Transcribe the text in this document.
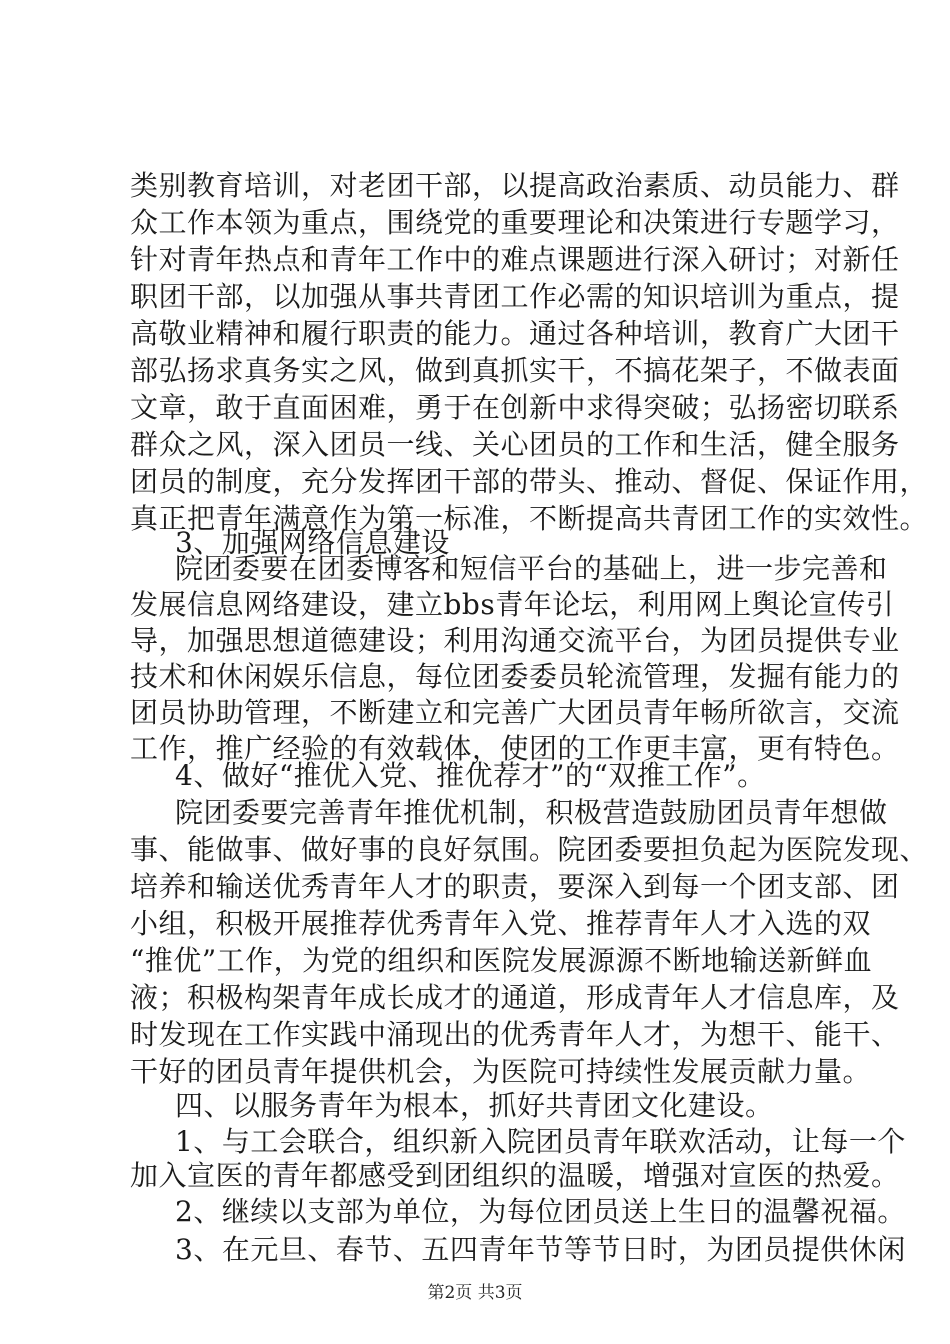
类别教育培训，对老团干部，以提高政治素质、动员能力、群
众工作本领为重点，围绕党的重要理论和决策进行专题学习，
针对青年热点和青年工作中的难点课题进行深入研讨；对新任
职团干部，以加强从事共青团工作必需的知识培训为重点，提
高敬业精神和履行职责的能力。通过各种培训，教育广大团干
部弘扬求真务实之风，做到真抓实干，不搞花架子，不做表面
文章，敢于直面困难，勇于在创新中求得突破；弘扬密切联系
群众之风，深入团员一线、关心团员的工作和生活，健全服务
团员的制度，充分发挥团干部的带头、推动、督促、保证作用，
真正把青年满意作为第一标准，不断提高共青团工作的实效性。
3、加强网络信息建设
院团委要在团委博客和短信平台的基础上，进一步完善和
发展信息网络建设，建立bbs青年论坛，利用网上舆论宣传引
导，加强思想道德建设；利用沟通交流平台，为团员提供专业
技术和休闲娱乐信息，每位团委委员轮流管理，发掘有能力的
团员协助管理，不断建立和完善广大团员青年畅所欲言，交流
工作，推广经验的有效载体，使团的工作更丰富，更有特色。
4、做好“推优入党、推优荐才”的“双推工作”。
院团委要完善青年推优机制，积极营造鼓励团员青年想做
事、能做事、做好事的良好氛围。院团委要担负起为医院发现、
培养和输送优秀青年人才的职责，要深入到每一个团支部、团
小组，积极开展推荐优秀青年入党、推荐青年人才入选的双
“推优”工作，为党的组织和医院发展源源不断地输送新鲜血
液；积极构架青年成长成才的通道，形成青年人才信息库，及
时发现在工作实践中涌现出的优秀青年人才，为想干、能干、
干好的团员青年提供机会，为医院可持续性发展贡献力量。
四、以服务青年为根本，抓好共青团文化建设。
1、与工会联合，组织新入院团员青年联欢活动，让每一个
加入宣医的青年都感受到团组织的温暖，增强对宣医的热爱。
2、继续以支部为单位，为每位团员送上生日的温馨祝福。
3、在元旦、春节、五四青年节等节日时，为团员提供休闲
第2页 共3页
